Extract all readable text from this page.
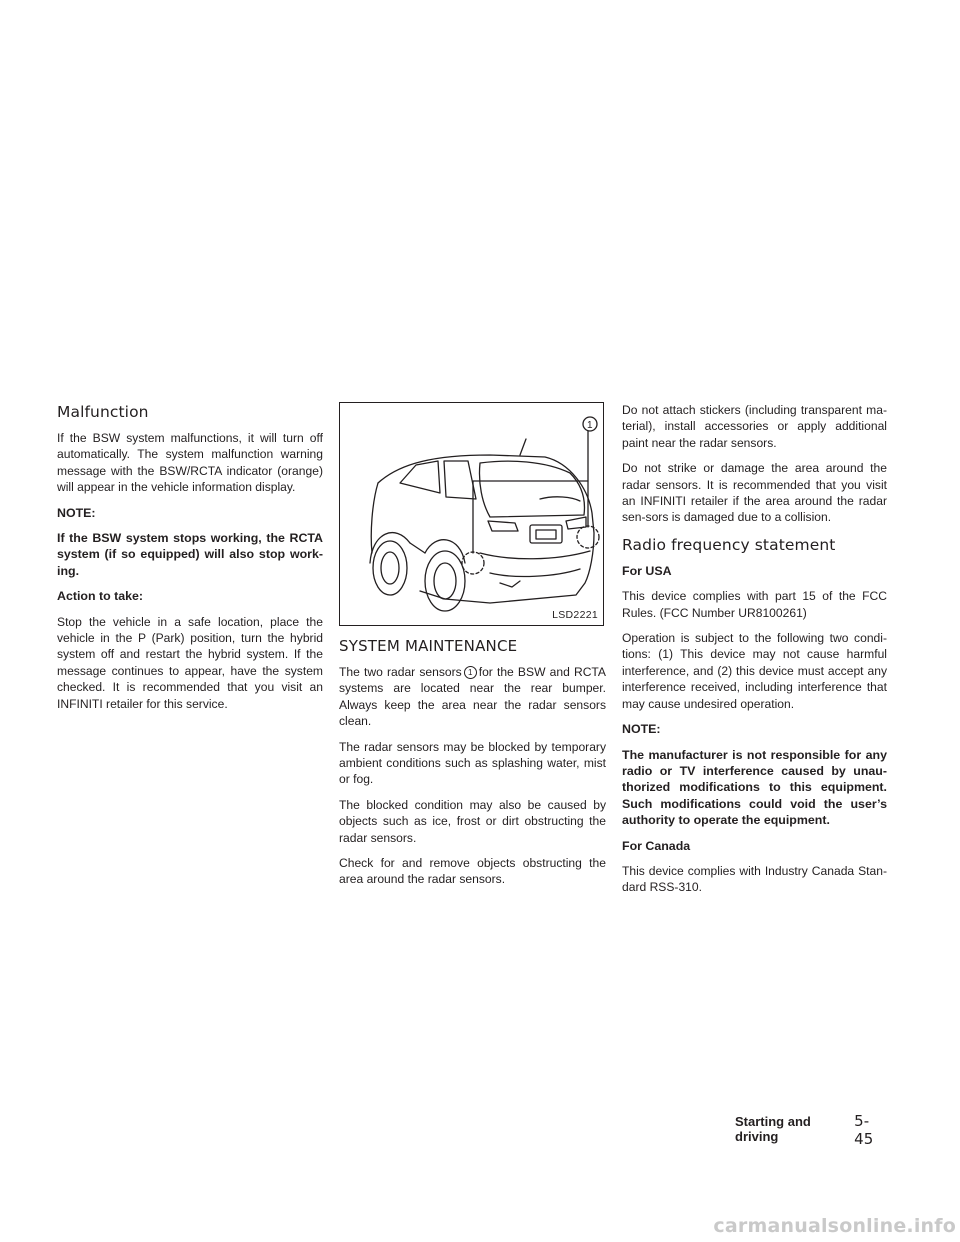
Malfunction

If the BSW system malfunctions, it will turn off automatically. The system malfunction warning message with the BSW/RCTA indicator (orange) will appear in the vehicle information display.

NOTE:

If the BSW system stops working, the RCTA system (if so equipped) will also stop work-ing.

Action to take:

Stop the vehicle in a safe location, place the vehicle in the P (Park) position, turn the hybrid system off and restart the hybrid system. If the message continues to appear, have the system checked. It is recommended that you visit an INFINITI retailer for this service.

1
LSD2221
SYSTEM MAINTENANCE

The two radar sensors 1 for the BSW and RCTA systems are located near the rear bumper. Always keep the area near the radar sensors clean.

The radar sensors may be blocked by temporary ambient conditions such as splashing water, mist or fog.

The blocked condition may also be caused by objects such as ice, frost or dirt obstructing the radar sensors.

Check for and remove objects obstructing the area around the radar sensors.

Do not attach stickers (including transparent ma-terial), install accessories or apply additional paint near the radar sensors.

Do not strike or damage the area around the radar sensors. It is recommended that you visit an INFINITI retailer if the area around the radar sen-sors is damaged due to a collision.

Radio frequency statement

For USA

This device complies with part 15 of the FCC Rules. (FCC Number UR8100261)

Operation is subject to the following two condi-tions: (1) This device may not cause harmful interference, and (2) this device must accept any interference received, including interference that may cause undesired operation.

NOTE:

The manufacturer is not responsible for any radio or TV interference caused by unau-thorized modifications to this equipment. Such modifications could void the user’s authority to operate the equipment.

For Canada

This device complies with Industry Canada Stan-dard RSS-310.

Starting and driving
5-45
carmanualsonline.info
